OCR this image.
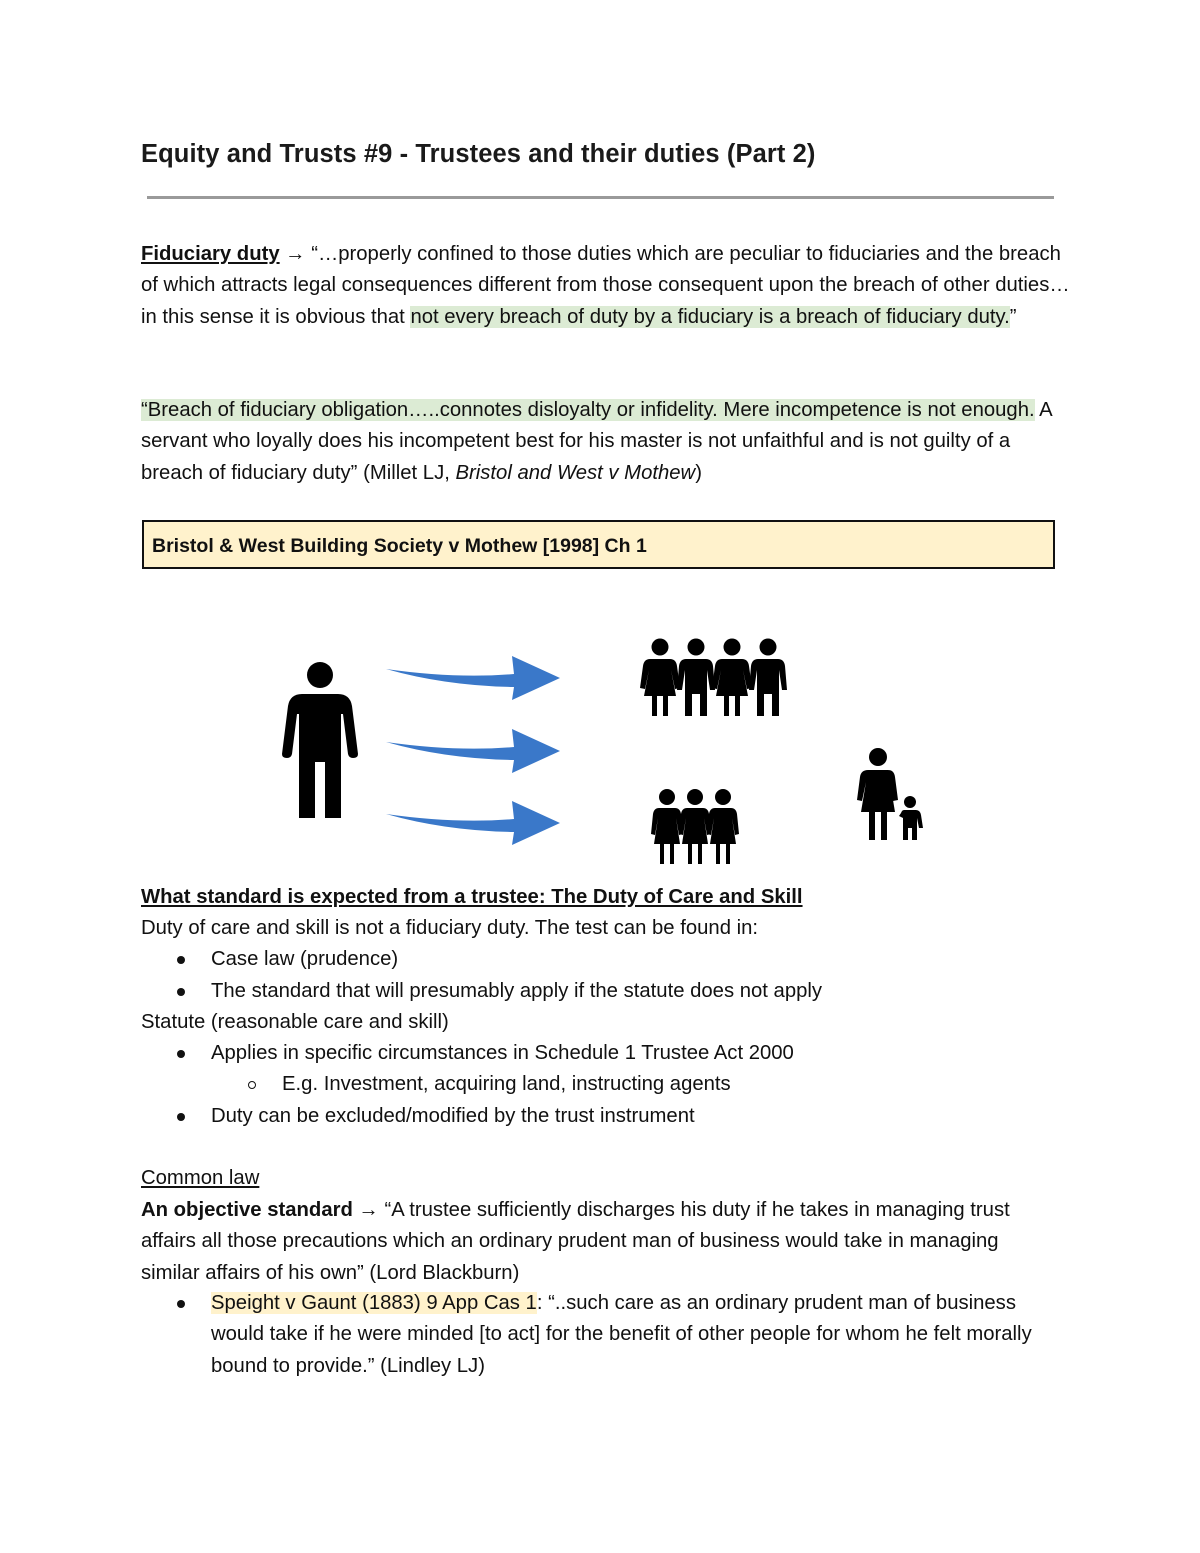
Equity and Trusts #9 - Trustees and their duties (Part 2)

Fiduciary duty → “…properly confined to those duties which are peculiar to fiduciaries and the breach of which attracts legal consequences different from those consequent upon the breach of other duties…in this sense it is obvious that not every breach of duty by a fiduciary is a breach of fiduciary duty.”

“Breach of fiduciary obligation…..connotes disloyalty or infidelity. Mere incompetence is not enough. A servant who loyally does his incompetent best for his master is not unfaithful and is not guilty of a breach of fiduciary duty” (Millet LJ, Bristol and West v Mothew)

Bristol & West Building Society v Mothew [1998] Ch 1

What standard is expected from a trustee: The Duty of Care and Skill

Duty of care and skill is not a fiduciary duty. The test can be found in:

Case law (prudence)

The standard that will presumably apply if the statute does not apply

Statute (reasonable care and skill)

Applies in specific circumstances in Schedule 1 Trustee Act 2000

E.g. Investment, acquiring land, instructing agents

Duty can be excluded/modified by the trust instrument

Common law

An objective standard → “A trustee sufficiently discharges his duty if he takes in managing trust affairs all those precautions which an ordinary prudent man of business would take in managing similar affairs of his own” (Lord Blackburn)

Speight v Gaunt (1883) 9 App Cas 1: “..such care as an ordinary prudent man of business would take if he were minded [to act] for the benefit of other people for whom he felt morally bound to provide.” (Lindley LJ)
